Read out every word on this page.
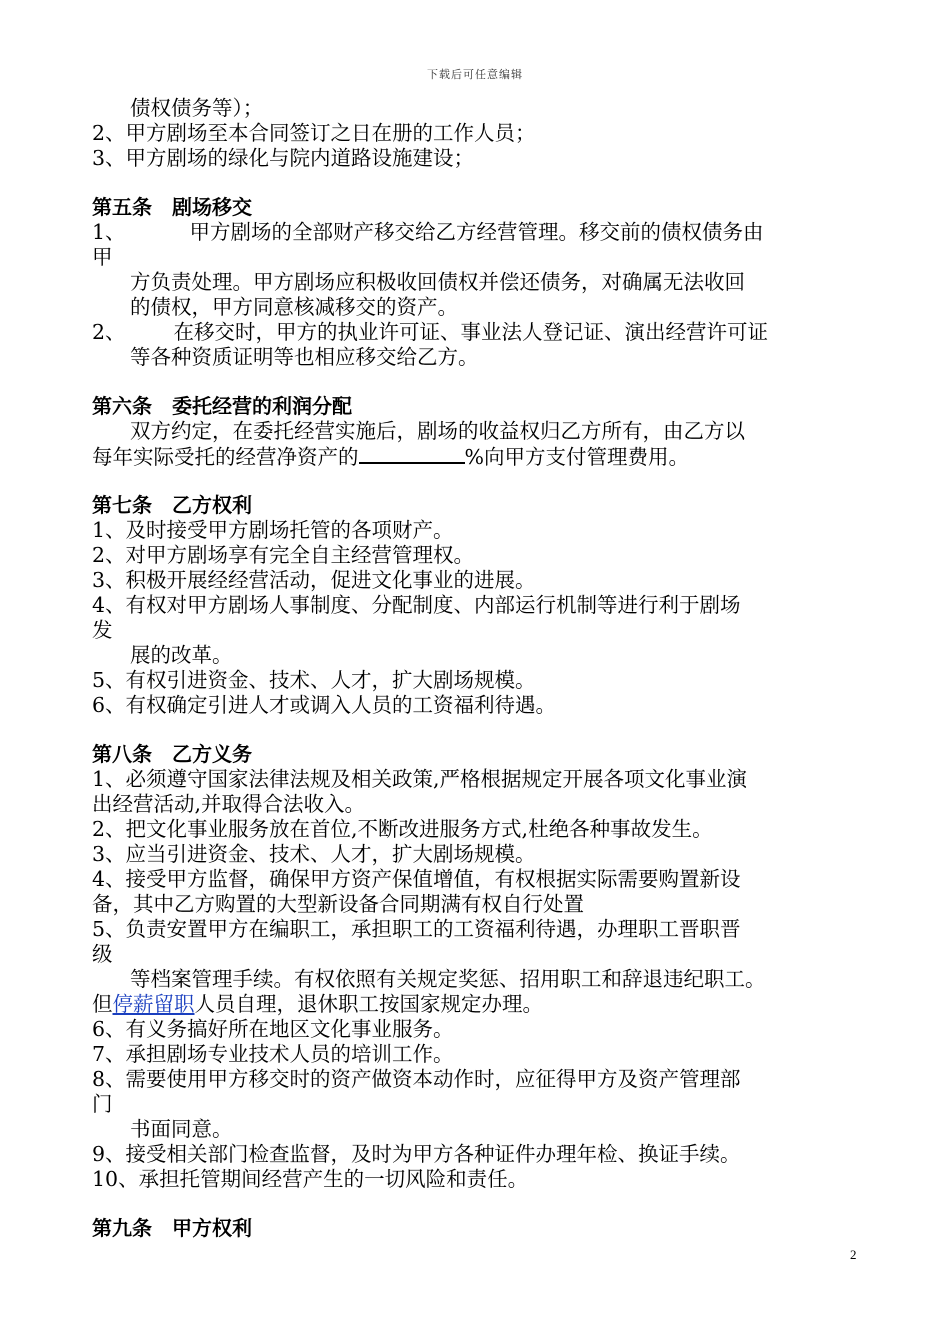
下载后可任意编辑
债权债务等）；
2、甲方剧场至本合同签订之日在册的工作人员；
3、甲方剧场的绿化与院内道路设施建设；
第五条　剧场移交
1、	甲方剧场的全部财产移交给乙方经营管理。移交前的债权债务由
甲
方负责处理。甲方剧场应积极收回债权并偿还债务，对确属无法收回
的债权，甲方同意核减移交的资产。
2、 在移交时，甲方的执业许可证、事业法人登记证、演出经营许可证
等各种资质证明等也相应移交给乙方。
第六条　委托经营的利润分配
双方约定，在委托经营实施后，剧场的收益权归乙方所有，由乙方以
每年实际受托的经营净资产的	%向甲方支付管理费用。
第七条　乙方权利
1、及时接受甲方剧场托管的各项财产。
2、对甲方剧场享有完全自主经营管理权。
3、积极开展经经营活动，促进文化事业的进展。
4、有权对甲方剧场人事制度、分配制度、内部运行机制等进行利于剧场
发
展的改革。
5、有权引进资金、技术、人才，扩大剧场规模。
6、有权确定引进人才或调入人员的工资福利待遇。
第八条　乙方义务
1、必须遵守国家法律法规及相关政策,严格根据规定开展各项文化事业演
出经营活动,并取得合法收入。
2、把文化事业服务放在首位,不断改进服务方式,杜绝各种事故发生。
3、应当引进资金、技术、人才，扩大剧场规模。
4、接受甲方监督，确保甲方资产保值增值，有权根据实际需要购置新设
备，其中乙方购置的大型新设备合同期满有权自行处置
5、负责安置甲方在编职工，承担职工的工资福利待遇，办理职工晋职晋
级
等档案管理手续。有权依照有关规定奖惩、招用职工和辞退违纪职工。
但停薪留职人员自理，退休职工按国家规定办理。
6、有义务搞好所在地区文化事业服务。
7、承担剧场专业技术人员的培训工作。
8、需要使用甲方移交时的资产做资本动作时，应征得甲方及资产管理部
门
书面同意。
9、接受相关部门检查监督，及时为甲方各种证件办理年检、换证手续。
10、承担托管期间经营产生的一切风险和责任。
第九条　甲方权利
2
